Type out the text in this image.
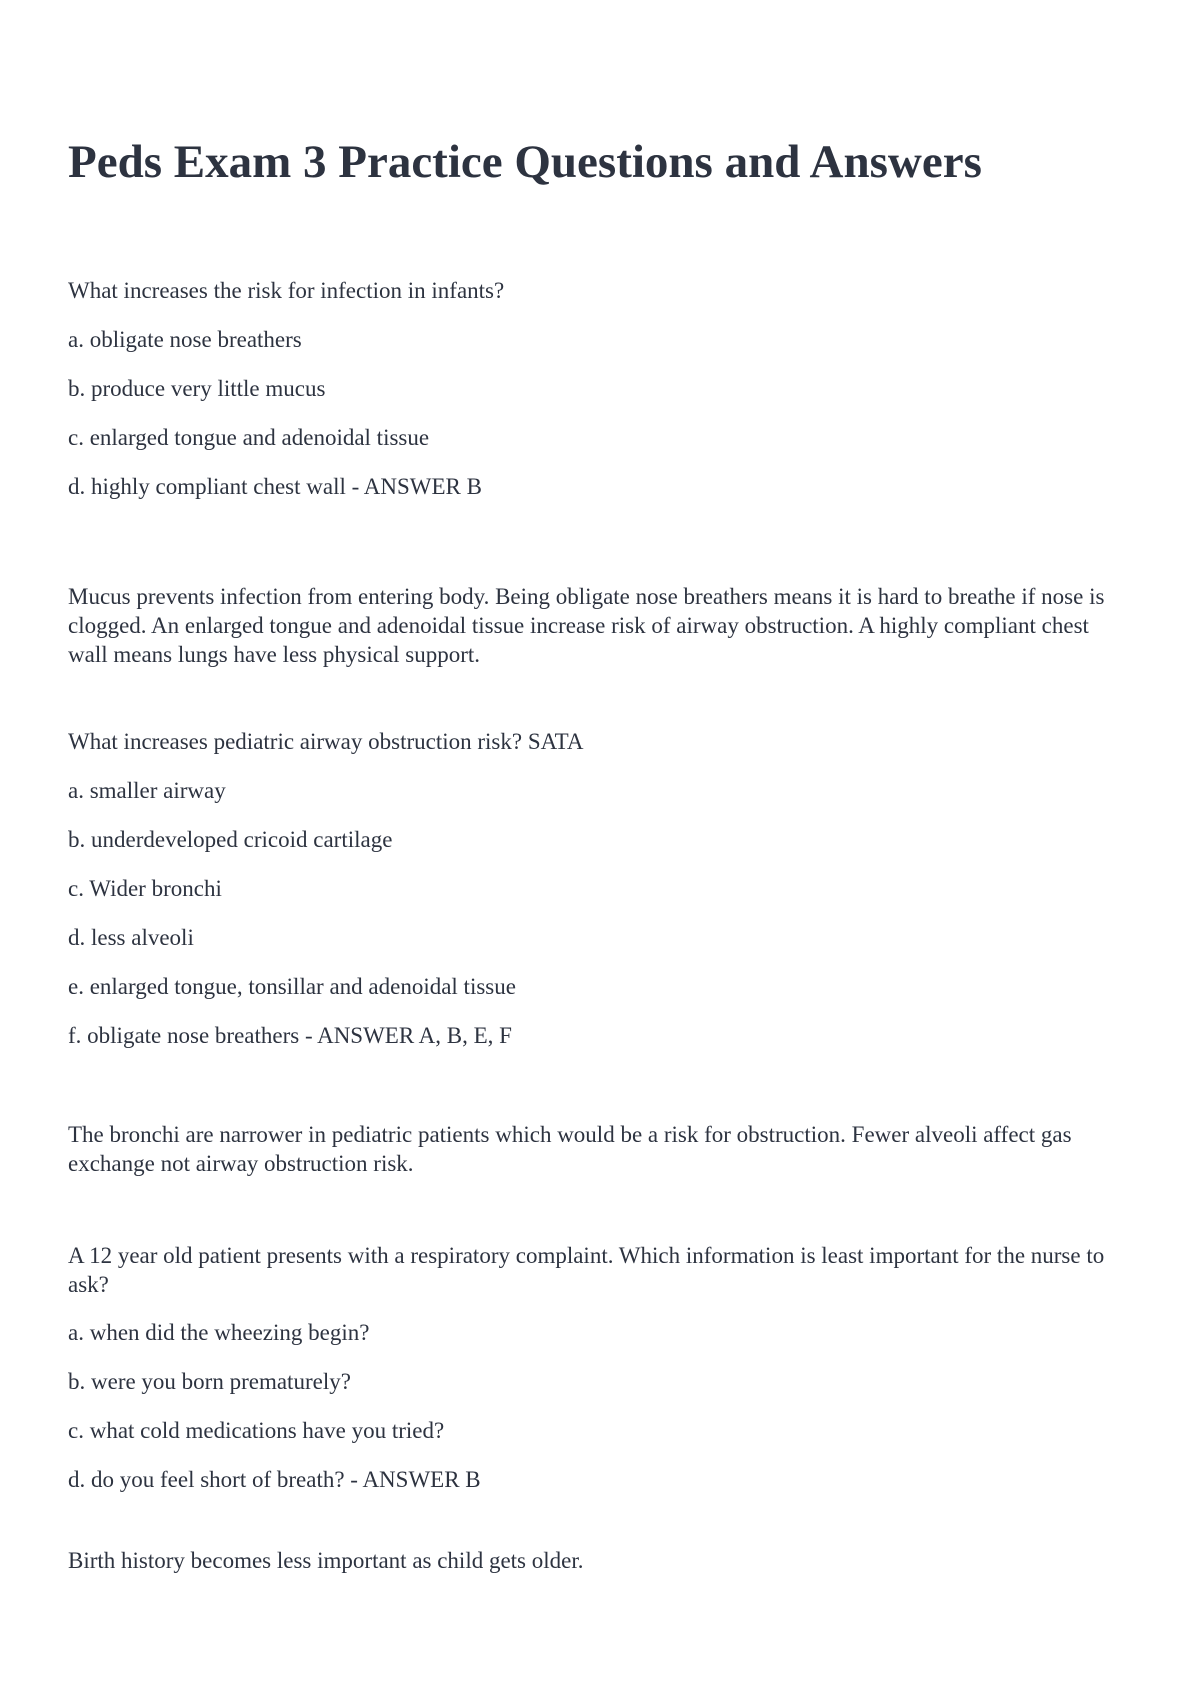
Peds Exam 3 Practice Questions and Answers

What increases the risk for infection in infants?

a. obligate nose breathers

b. produce very little mucus

c. enlarged tongue and adenoidal tissue

d. highly compliant chest wall - ANSWER B

Mucus prevents infection from entering body. Being obligate nose breathers means it is hard to breathe if nose is clogged. An enlarged tongue and adenoidal tissue increase risk of airway obstruction. A highly compliant chest wall means lungs have less physical support.

What increases pediatric airway obstruction risk? SATA

a. smaller airway

b. underdeveloped cricoid cartilage

c. Wider bronchi

d. less alveoli

e. enlarged tongue, tonsillar and adenoidal tissue

f. obligate nose breathers - ANSWER A, B, E, F

The bronchi are narrower in pediatric patients which would be a risk for obstruction. Fewer alveoli affect gas exchange not airway obstruction risk.

A 12 year old patient presents with a respiratory complaint. Which information is least important for the nurse to ask?

a. when did the wheezing begin?

b. were you born prematurely?

c. what cold medications have you tried?

d. do you feel short of breath? - ANSWER B

Birth history becomes less important as child gets older.
